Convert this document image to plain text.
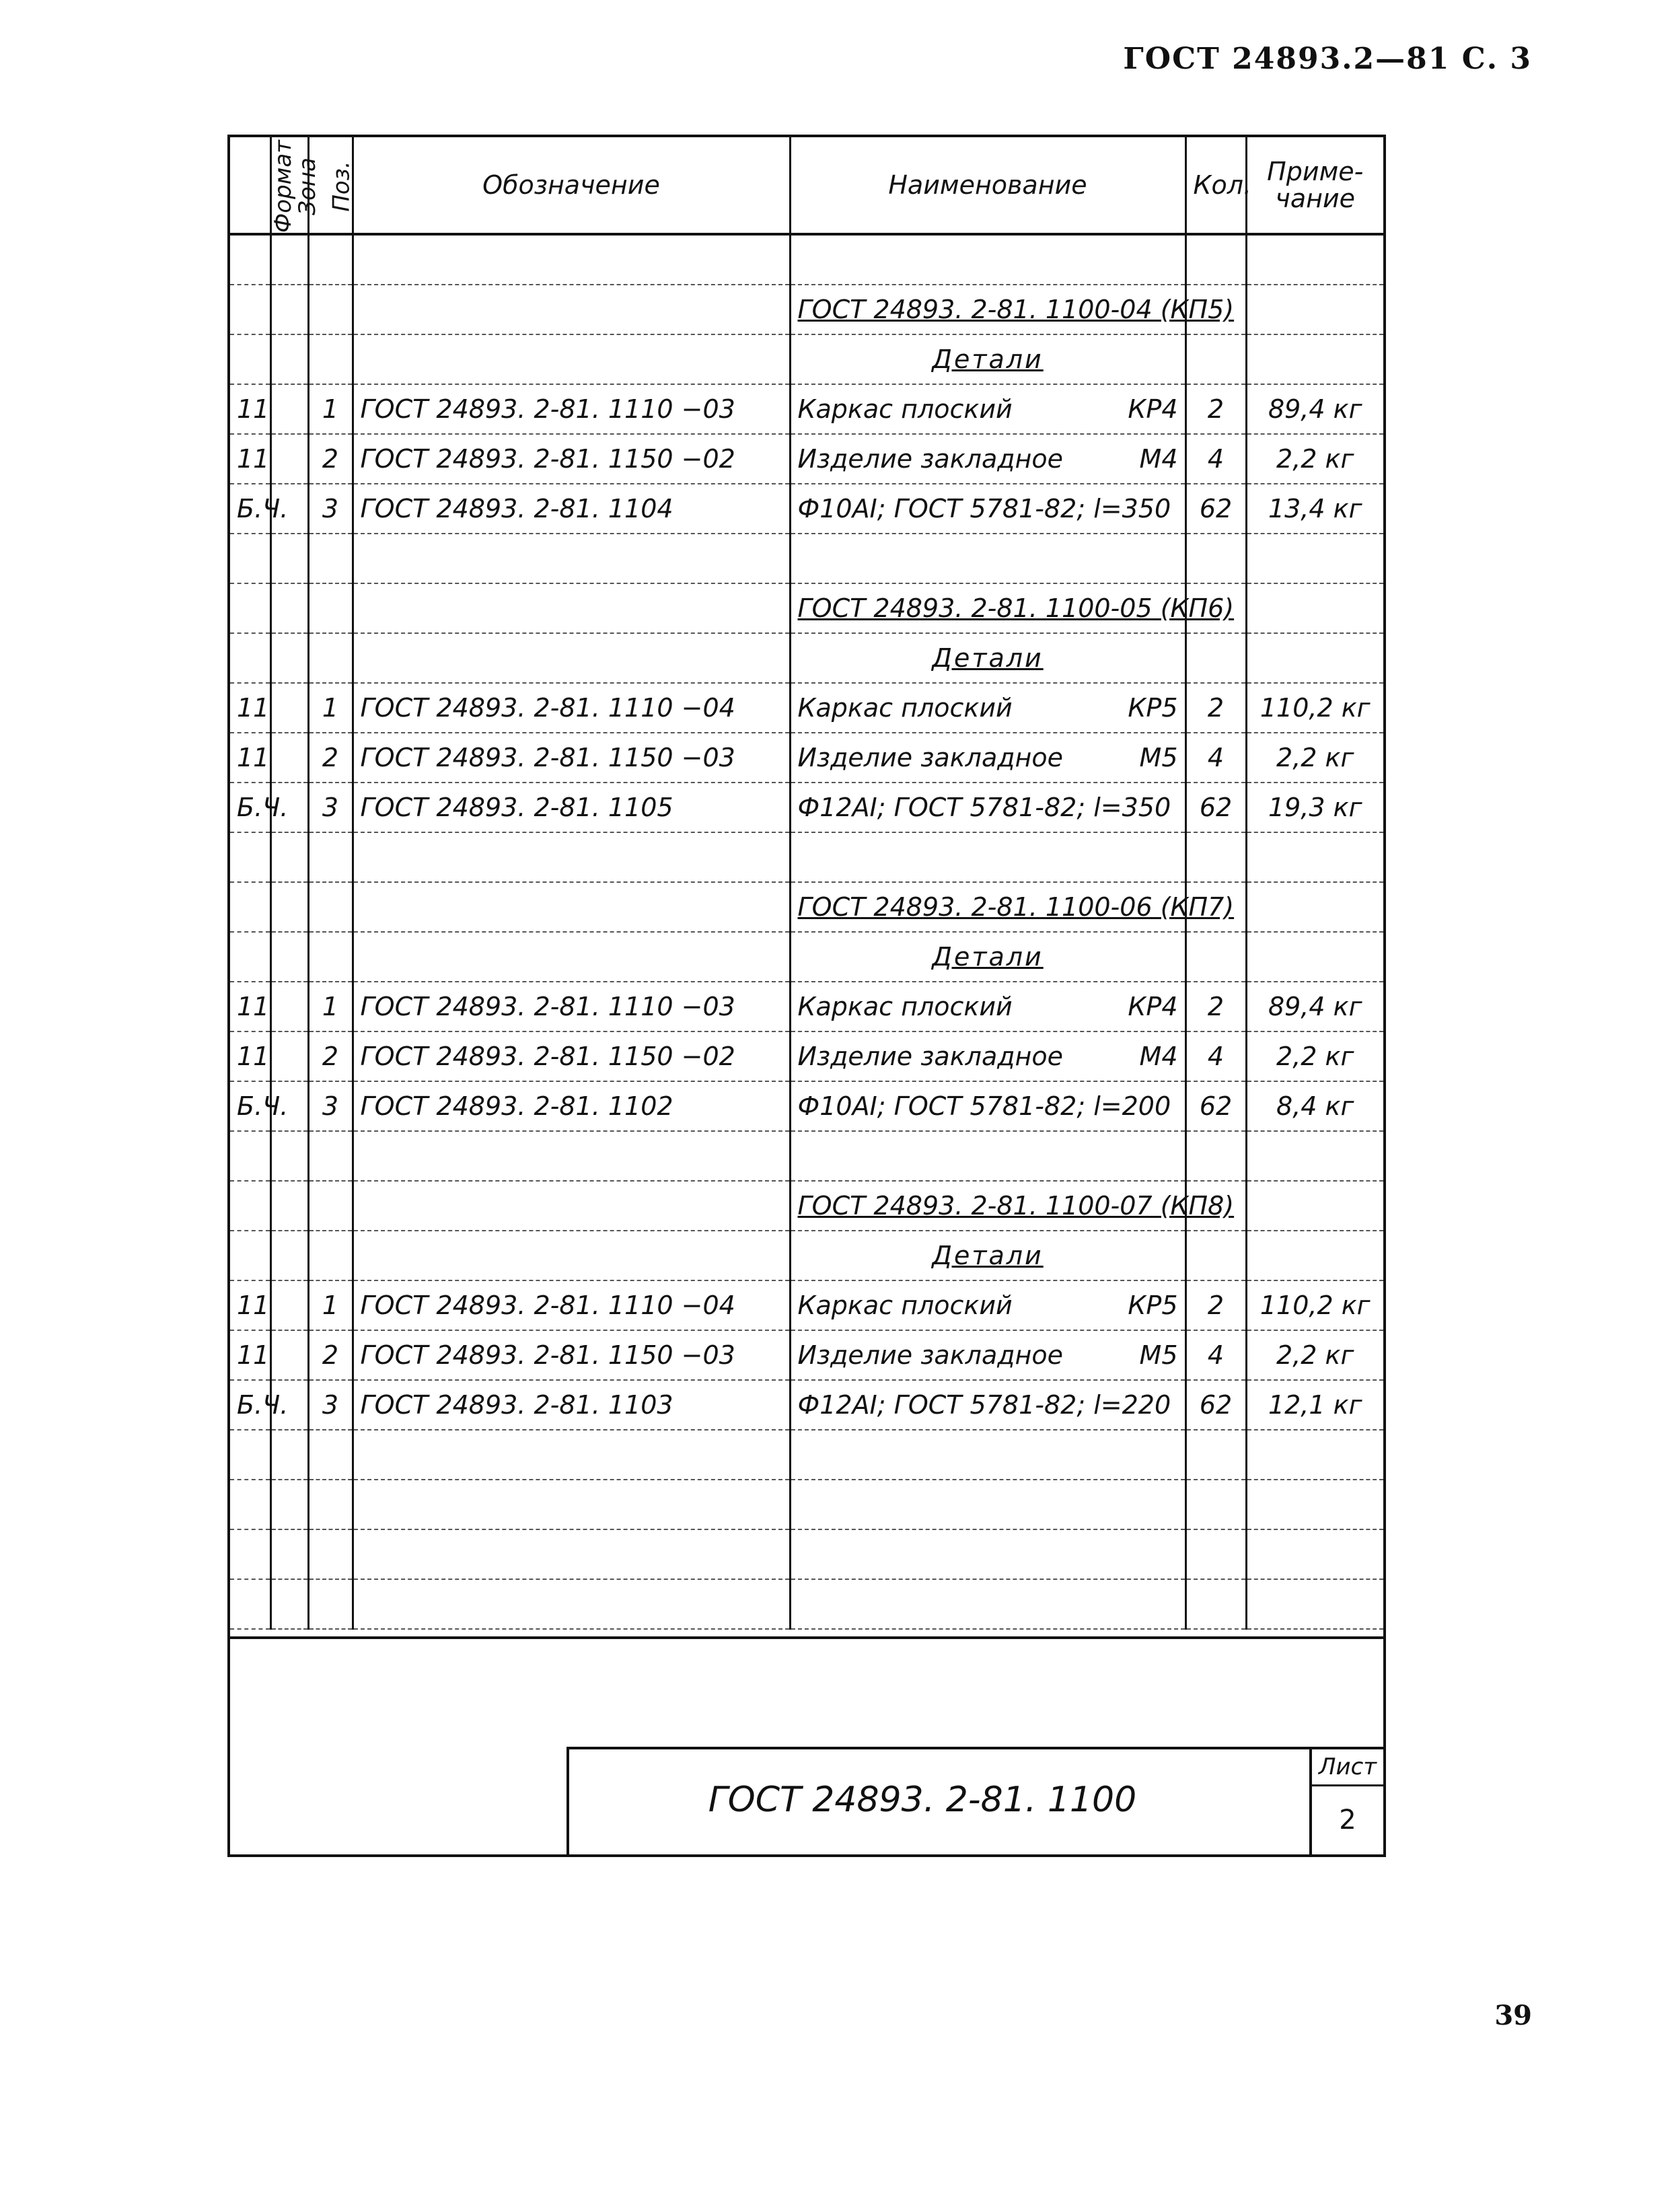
ГОСТ 24893.2—81 С. 3
Формат	Зона	Поз.	Обозначение	Наименование	Кол.	Приме-чание

				ГОСТ 24893. 2-81. 1100-04 (КП5)		
				Детали		
11		1	ГОСТ 24893. 2-81. 1110 −03	Каркас плоский КР4	2	89,4 кг
11		2	ГОСТ 24893. 2-81. 1150 −02	Изделие закладное М4	4	2,2 кг
Б.Ч.		3	ГОСТ 24893. 2-81. 1104	Ф10АI; ГОСТ 5781-82; l=350	62	13,4 кг

				ГОСТ 24893. 2-81. 1100-05 (КП6)		
				Детали		
11		1	ГОСТ 24893. 2-81. 1110 −04	Каркас плоский КР5	2	110,2 кг
11		2	ГОСТ 24893. 2-81. 1150 −03	Изделие закладное М5	4	2,2 кг
Б.Ч.		3	ГОСТ 24893. 2-81. 1105	Ф12АI; ГОСТ 5781-82; l=350	62	19,3 кг

				ГОСТ 24893. 2-81. 1100-06 (КП7)		
				Детали		
11		1	ГОСТ 24893. 2-81. 1110 −03	Каркас плоский КР4	2	89,4 кг
11		2	ГОСТ 24893. 2-81. 1150 −02	Изделие закладное М4	4	2,2 кг
Б.Ч.		3	ГОСТ 24893. 2-81. 1102	Ф10АI; ГОСТ 5781-82; l=200	62	8,4 кг

				ГОСТ 24893. 2-81. 1100-07 (КП8)		
				Детали		
11		1	ГОСТ 24893. 2-81. 1110 −04	Каркас плоский КР5	2	110,2 кг
11		2	ГОСТ 24893. 2-81. 1150 −03	Изделие закладное М5	4	2,2 кг
Б.Ч.		3	ГОСТ 24893. 2-81. 1103	Ф12АI; ГОСТ 5781-82; l=220	62	12,1 кг

ГОСТ 24893. 2-81. 1100
Лист
2
39
